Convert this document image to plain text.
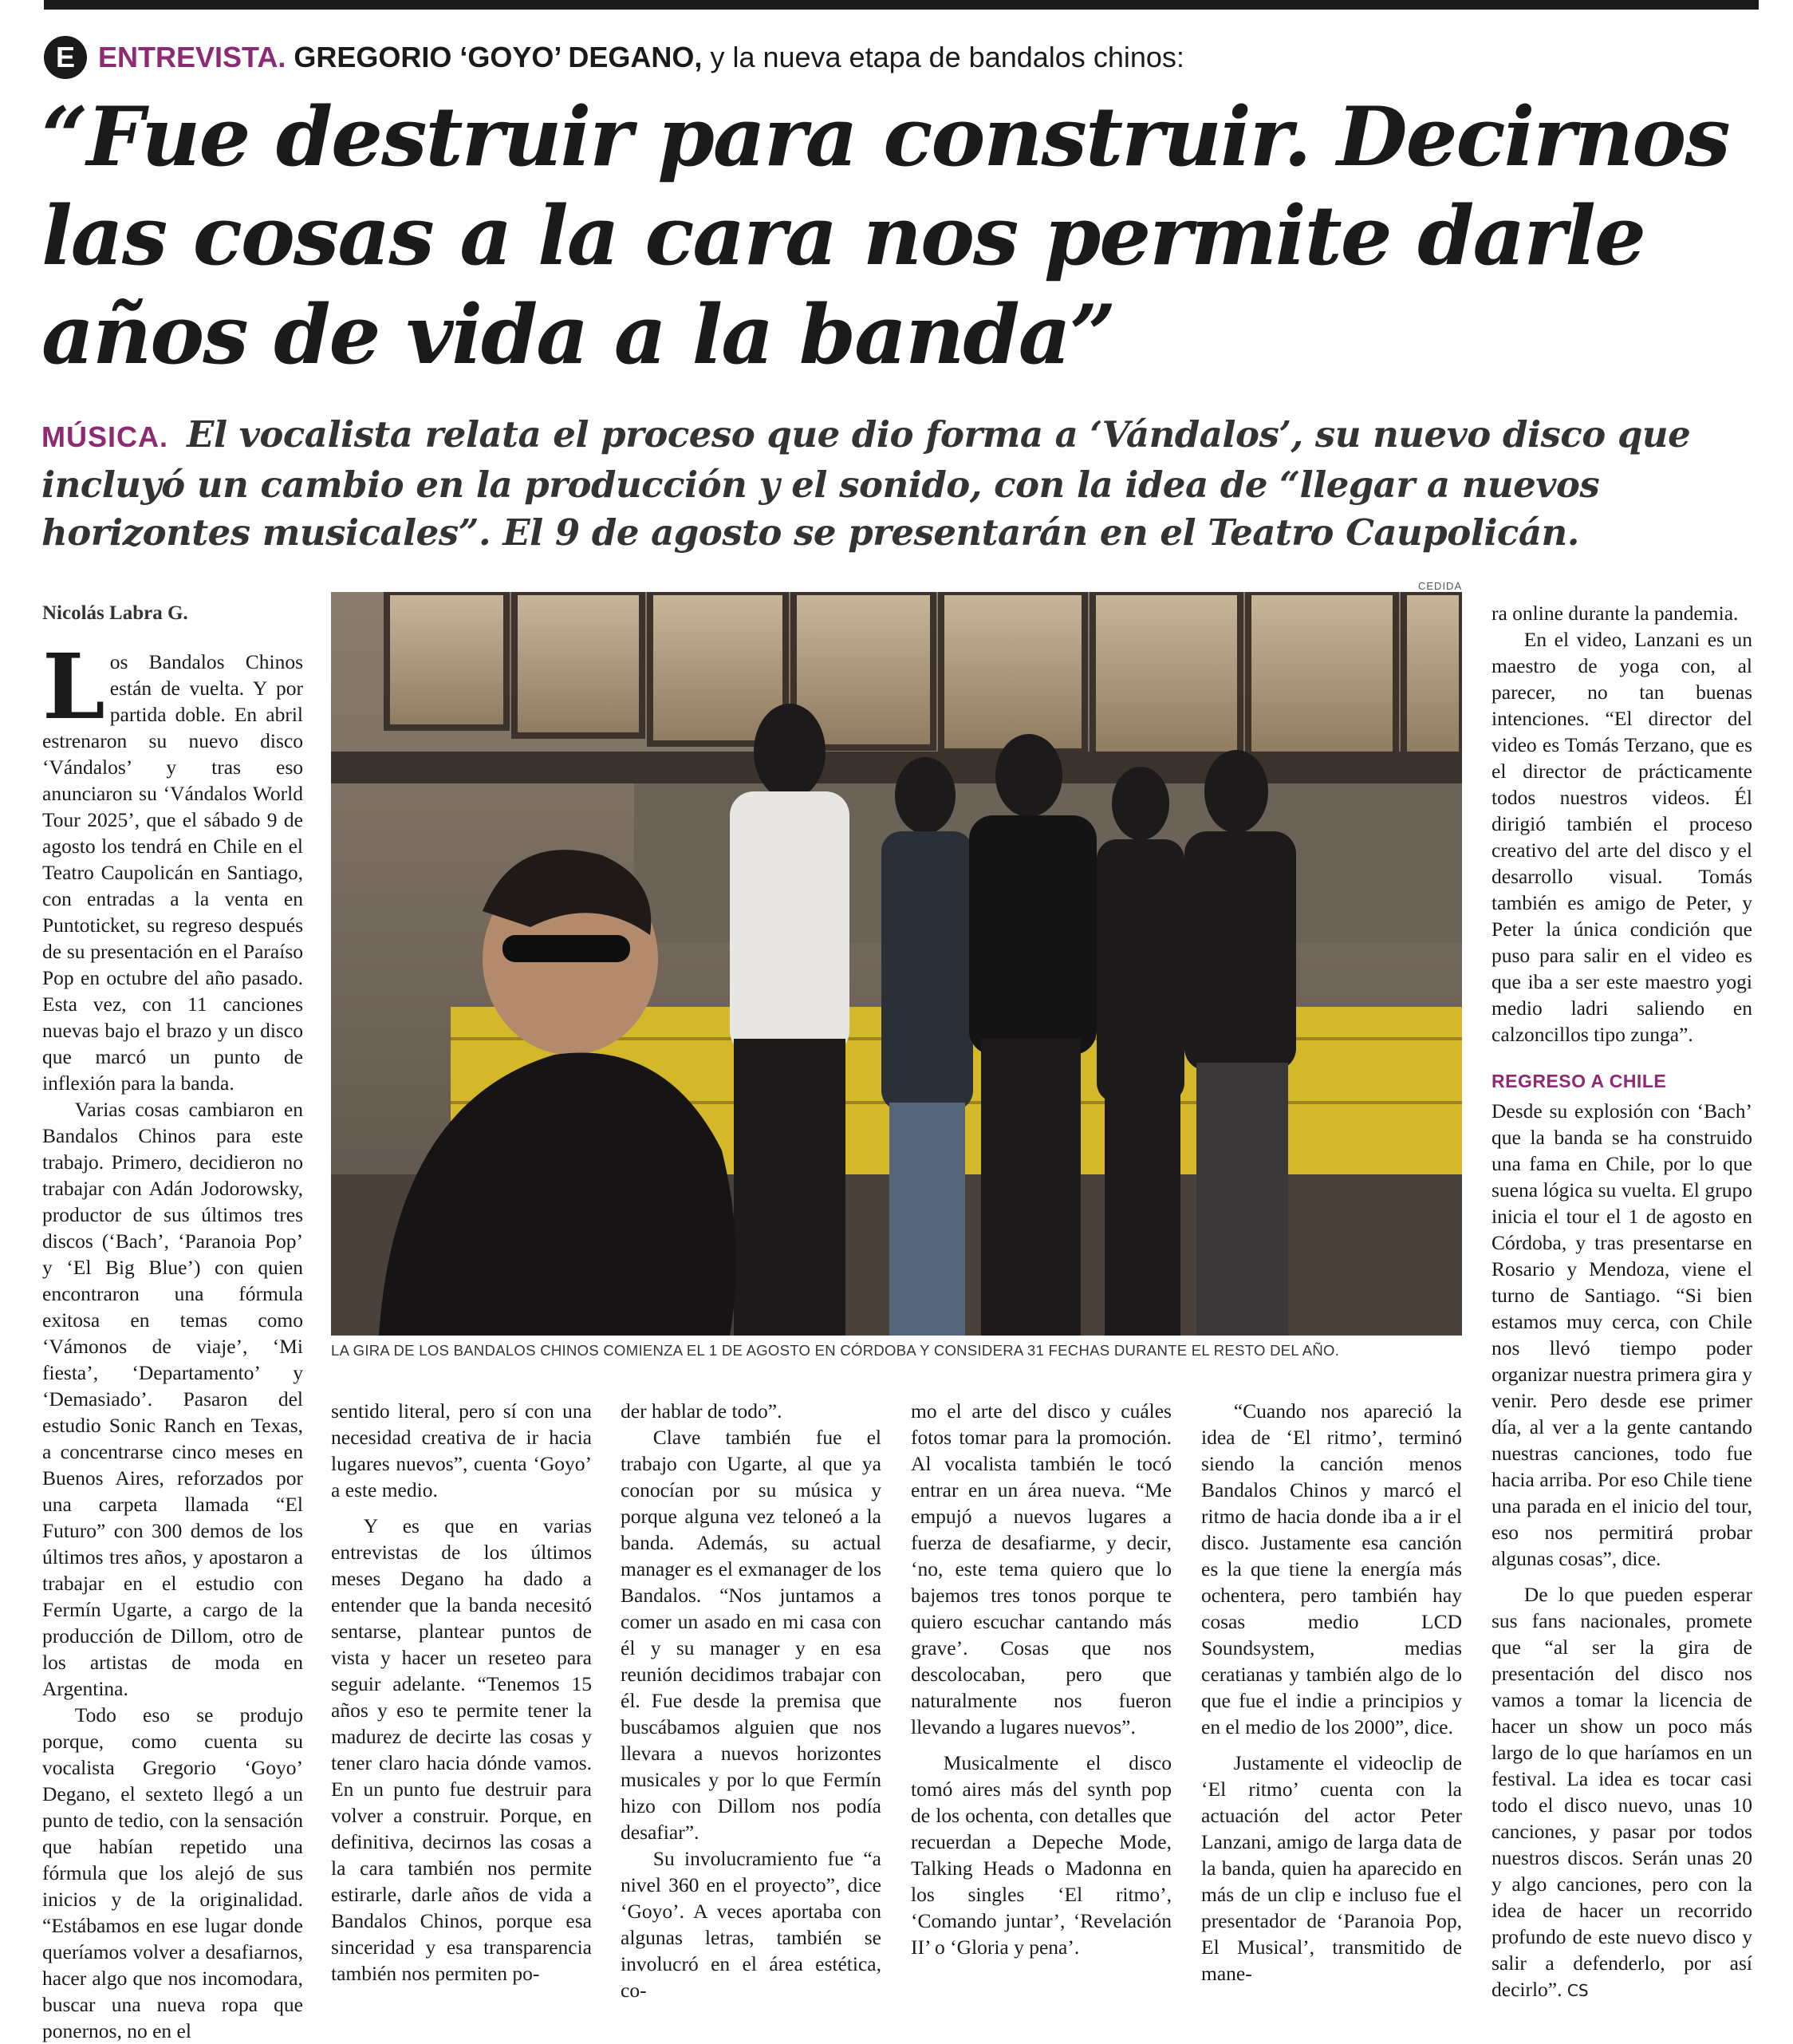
E ENTREVISTA. GREGORIO ‘GOYO’ DEGANO, y la nueva etapa de bandalos chinos:
“Fue destruir para construir. Decirnos las cosas a la cara nos permite darle años de vida a la banda”

MÚSICA. El vocalista relata el proceso que dio forma a ‘Vándalos’, su nuevo disco que incluyó un cambio en la producción y el sonido, con la idea de “llegar a nuevos horizontes musicales”. El 9 de agosto se presentarán en el Teatro Caupolicán.

Nicolás Labra G.

Los Bandalos Chinos están de vuelta. Y por partida doble. En abril estrenaron su nuevo disco ‘Vándalos’ y tras eso anunciaron su ‘Vándalos World Tour 2025’, que el sábado 9 de agosto los tendrá en Chile en el Teatro Caupolicán en Santiago, con entradas a la venta en Puntoticket, su regreso después de su presentación en el Paraíso Pop en octubre del año pasado. Esta vez, con 11 canciones nuevas bajo el brazo y un disco que marcó un punto de inflexión para la banda.

Varias cosas cambiaron en Bandalos Chinos para este trabajo. Primero, decidieron no trabajar con Adán Jodorowsky, productor de sus últimos tres discos (‘Bach’, ‘Paranoia Pop’ y ‘El Big Blue’) con quien encontraron una fórmula exitosa en temas como ‘Vámonos de viaje’, ‘Mi fiesta’, ‘Departamento’ y ‘Demasiado’. Pasaron del estudio Sonic Ranch en Texas, a concentrarse cinco meses en Buenos Aires, reforzados por una carpeta llamada “El Futuro” con 300 demos de los últimos tres años, y apostaron a trabajar en el estudio con Fermín Ugarte, a cargo de la producción de Dillom, otro de los artistas de moda en Argentina.

Todo eso se produjo porque, como cuenta su vocalista Gregorio ‘Goyo’ Degano, el sexteto llegó a un punto de tedio, con la sensación que habían repetido una fórmula que los alejó de sus inicios y de la originalidad. “Estábamos en ese lugar donde queríamos volver a desafiarnos, hacer algo que nos incomodara, buscar una nueva ropa que ponernos, no en el

CEDIDA
LA GIRA DE LOS BANDALOS CHINOS COMIENZA EL 1 DE AGOSTO EN CÓRDOBA Y CONSIDERA 31 FECHAS DURANTE EL RESTO DEL AÑO.

sentido literal, pero sí con una necesidad creativa de ir hacia lugares nuevos”, cuenta ‘Goyo’ a este medio.

Y es que en varias entrevistas de los últimos meses Degano ha dado a entender que la banda necesitó sentarse, plantear puntos de vista y hacer un reseteo para seguir adelante. “Tenemos 15 años y eso te permite tener la madurez de decirte las cosas y tener claro hacia dónde vamos. En un punto fue destruir para volver a construir. Porque, en definitiva, decirnos las cosas a la cara también nos permite estirarle, darle años de vida a Bandalos Chinos, porque esa sinceridad y esa transparencia también nos permiten po-

der hablar de todo”.

Clave también fue el trabajo con Ugarte, al que ya conocían por su música y porque alguna vez teloneó a la banda. Además, su actual manager es el exmanager de los Bandalos. “Nos juntamos a comer un asado en mi casa con él y su manager y en esa reunión decidimos trabajar con él. Fue desde la premisa que buscábamos alguien que nos llevara a nuevos horizontes musicales y por lo que Fermín hizo con Dillom nos podía desafiar”.

Su involucramiento fue “a nivel 360 en el proyecto”, dice ‘Goyo’. A veces aportaba con algunas letras, también se involucró en el área estética, co-

mo el arte del disco y cuáles fotos tomar para la promoción. Al vocalista también le tocó entrar en un área nueva. “Me empujó a nuevos lugares a fuerza de desafiarme, y decir, ‘no, este tema quiero que lo bajemos tres tonos porque te quiero escuchar cantando más grave’. Cosas que nos descolocaban, pero que naturalmente nos fueron llevando a lugares nuevos”.

Musicalmente el disco tomó aires más del synth pop de los ochenta, con detalles que recuerdan a Depeche Mode, Talking Heads o Madonna en los singles ‘El ritmo’, ‘Comando juntar’, ‘Revelación II’ o ‘Gloria y pena’.

“Cuando nos apareció la idea de ‘El ritmo’, terminó siendo la canción menos Bandalos Chinos y marcó el ritmo de hacia donde iba a ir el disco. Justamente esa canción es la que tiene la energía más ochentera, pero también hay cosas medio LCD Soundsystem, medias ceratianas y también algo de lo que fue el indie a principios y en el medio de los 2000”, dice.

Justamente el videoclip de ‘El ritmo’ cuenta con la actuación del actor Peter Lanzani, amigo de larga data de la banda, quien ha aparecido en más de un clip e incluso fue el presentador de ‘Paranoia Pop, El Musical’, transmitido de mane-

ra online durante la pandemia.

En el video, Lanzani es un maestro de yoga con, al parecer, no tan buenas intenciones. “El director del video es Tomás Terzano, que es el director de prácticamente todos nuestros videos. Él dirigió también el proceso creativo del arte del disco y el desarrollo visual. Tomás también es amigo de Peter, y Peter la única condición que puso para salir en el video es que iba a ser este maestro yogi medio ladri saliendo en calzoncillos tipo zunga”.

REGRESO A CHILE

Desde su explosión con ‘Bach’ que la banda se ha construido una fama en Chile, por lo que suena lógica su vuelta. El grupo inicia el tour el 1 de agosto en Córdoba, y tras presentarse en Rosario y Mendoza, viene el turno de Santiago. “Si bien estamos muy cerca, con Chile nos llevó tiempo poder organizar nuestra primera gira y venir. Pero desde ese primer día, al ver a la gente cantando nuestras canciones, todo fue hacia arriba. Por eso Chile tiene una parada en el inicio del tour, eso nos permitirá probar algunas cosas”, dice.

De lo que pueden esperar sus fans nacionales, promete que “al ser la gira de presentación del disco nos vamos a tomar la licencia de hacer un show un poco más largo de lo que haríamos en un festival. La idea es tocar casi todo el disco nuevo, unas 10 canciones, y pasar por todos nuestros discos. Serán unas 20 y algo canciones, pero con la idea de hacer un recorrido profundo de este nuevo disco y salir a defenderlo, por así decirlo”. CS
